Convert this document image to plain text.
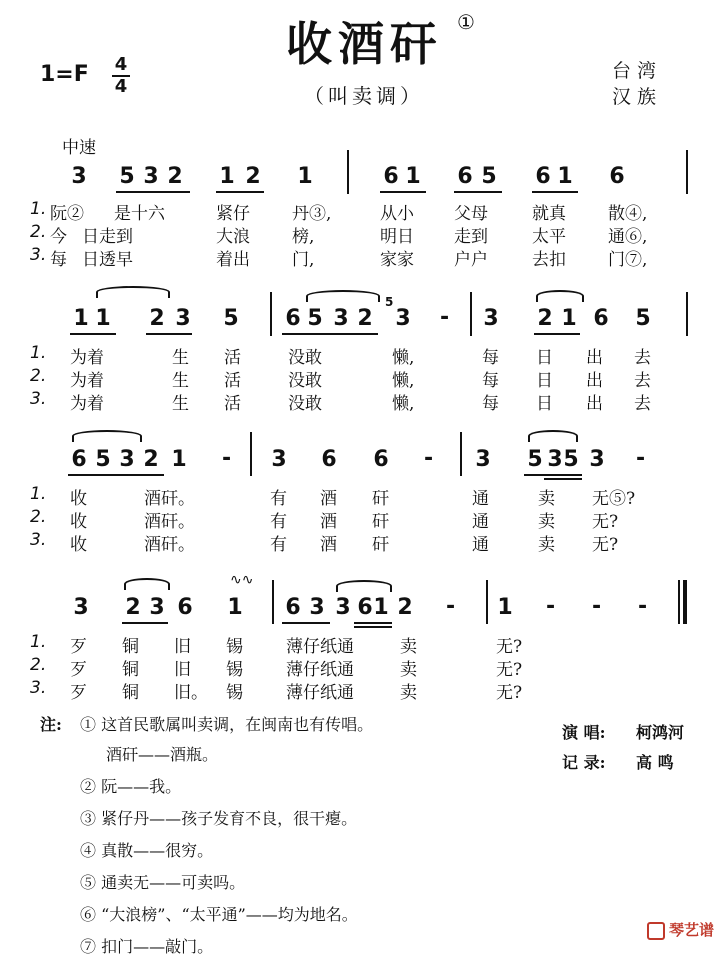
收酒矸 ①
（叫卖调）
1=F 4
4
台 湾
汉 族
中速
3 5 3 2 1 2 1	6 1 6 5 6 1 6
1. 阮② 是十六	紧仔 丹③,	从小 父母	就真 散④,
2. 今 日走到	大浪 榜,	明日 走到	太平 通⑥,
3. 每 日透早	着出 门,	家家 户户	去扣 门⑦,
1 1 2 3 5 6 5 3 2
5
3 - 3 2 1 6 5
1. 为着	生 活	没敢	懒,	每 日 出 去
2. 为着	生 活	没敢	懒,	每 日 出 去
3. 为着	生 活	没敢	懒,	每 日 出 去
6 5 3 2 1 - 3 6 6 - 3 5 3 5 3 -
1. 收	酒矸。	有 酒 矸	通	卖 无⑤?
2. 收	酒矸。	有 酒 矸	通	卖 无?
3. 收	酒矸。	有 酒 矸	通	卖 无?
3 2 3 6 1
∿∿
6 3 3 6 1 2 - 1 - - -
1. 歹 铜 旧 锡	薄仔纸通	卖	无?
2. 歹 铜 旧 锡	薄仔纸通	卖	无?
3. 歹 铜 旧。 锡	薄仔纸通	卖	无?
注: ① 这首民歌属叫卖调，在闽南也有传唱。
酒矸——酒瓶。
② 阮——我。
③ 紧仔丹——孩子发育不良，很干瘪。
④ 真散——很穷。
⑤ 通卖无——可卖吗。
⑥ “大浪榜”、“太平通”——均为地名。
⑦ 扣门——敲门。
演 唱: 柯鸿河
记 录: 高 鸣
琴艺谱
